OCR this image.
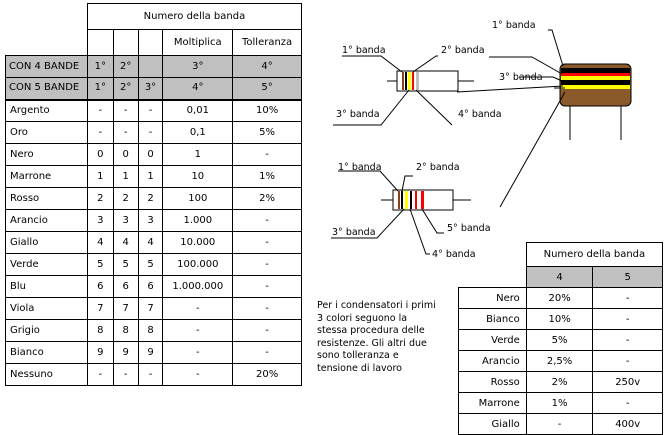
	Numero della banda				
				Moltiplica	Tolleranza
CON 4 BANDE	1°	2°		3°	4°
CON 5 BANDE	1°	2°	3°	4°	5°
Argento	-	-	-	0,01	10%
Oro	-	-	-	0,1	5%
Nero	0	0	0	1	-
Marrone	1	1	1	10	1%
Rosso	2	2	2	100	2%
Arancio	3	3	3	1.000	-
Giallo	4	4	4	10.000	-
Verde	5	5	5	100.000	-
Blu	6	6	6	1.000.000	-
Viola	7	7	7	-	-
Grigio	8	8	8	-	-
Bianco	9	9	9	-	-
Nessuno	-	-	-	-	20%
1° banda
3° banda
1° banda	2° banda
3° banda	4° banda
1° banda	2° banda
3° banda	5° banda
4° banda
Per i condensatori i primi 3 colori seguono la stessa procedura delle resistenze. Gli altri due sono tolleranza e tensione di lavoro
	Numero della banda	
	4	5
Nero	20%	-
Bianco	10%	-
Verde	5%	-
Arancio	2,5%	-
Rosso	2%	250v
Marrone	1%	-
Giallo	-	400v
